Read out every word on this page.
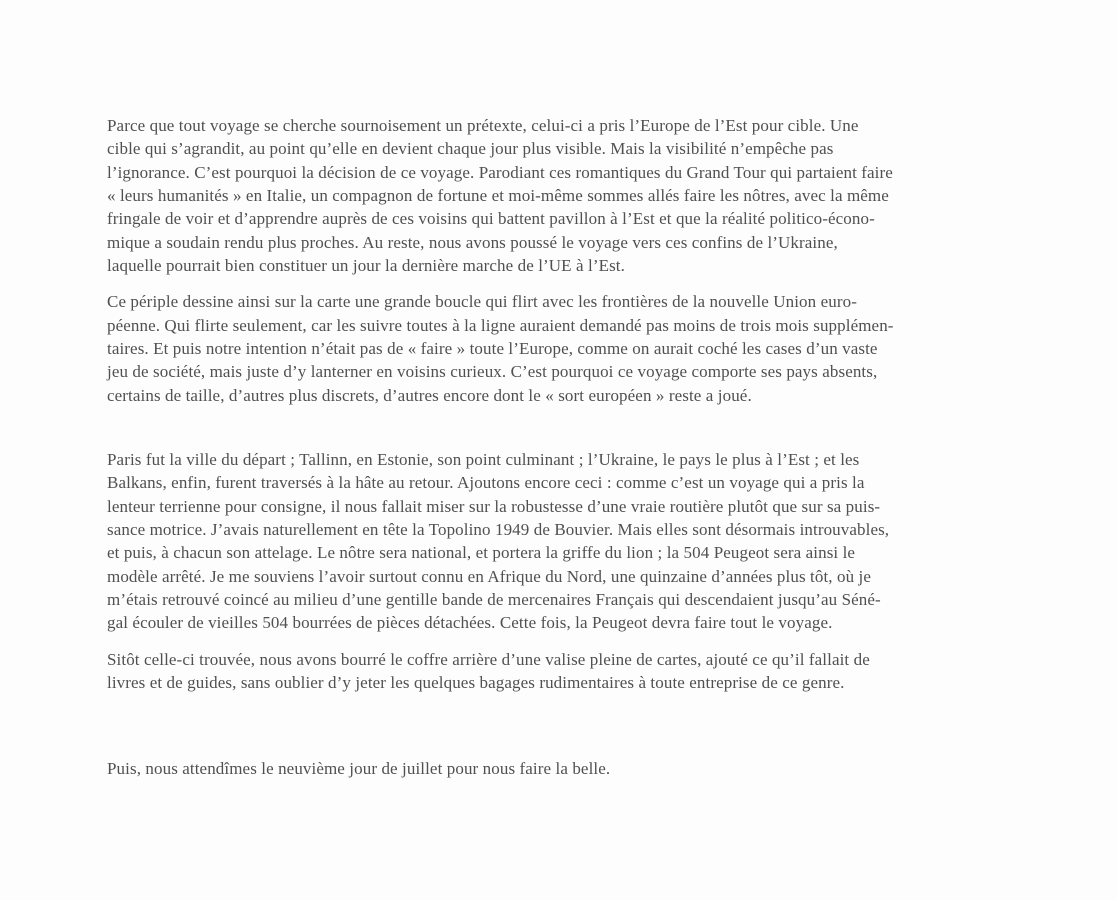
Parce que tout voyage se cherche sournoisement un prétexte, celui-ci a pris l’Europe de l’Est pour cible. Une
cible qui s’agrandit, au point qu’elle en devient chaque jour plus visible. Mais la visibilité n’empêche pas
l’ignorance. C’est pourquoi la décision de ce voyage. Parodiant ces romantiques du Grand Tour qui partaient faire
« leurs humanités » en Italie, un compagnon de fortune et moi-même sommes allés faire les nôtres, avec la même
fringale de voir et d’apprendre auprès de ces voisins qui battent pavillon à l’Est et que la réalité politico-écono-
mique a soudain rendu plus proches. Au reste, nous avons poussé le voyage vers ces confins de l’Ukraine,
laquelle pourrait bien constituer un jour la dernière marche de l’UE à l’Est.

Ce périple dessine ainsi sur la carte une grande boucle qui flirt avec les frontières de la nouvelle Union euro-
péenne. Qui flirte seulement, car les suivre toutes à la ligne auraient demandé pas moins de trois mois supplémen-
taires. Et puis notre intention n’était pas de « faire » toute l’Europe, comme on aurait coché les cases d’un vaste
jeu de société, mais juste d’y lanterner en voisins curieux. C’est pourquoi ce voyage comporte ses pays absents,
certains de taille, d’autres plus discrets, d’autres encore dont le « sort européen » reste a joué.

Paris fut la ville du départ ; Tallinn, en Estonie, son point culminant ; l’Ukraine, le pays le plus à l’Est ; et les
Balkans, enfin, furent traversés à la hâte au retour. Ajoutons encore ceci : comme c’est un voyage qui a pris la
lenteur terrienne pour consigne, il nous fallait miser sur la robustesse d’une vraie routière plutôt que sur sa puis-
sance motrice. J’avais naturellement en tête la Topolino 1949 de Bouvier. Mais elles sont désormais introuvables,
et puis, à chacun son attelage. Le nôtre sera national, et portera la griffe du lion ; la 504 Peugeot sera ainsi le
modèle arrêté. Je me souviens l’avoir surtout connu en Afrique du Nord, une quinzaine d’années plus tôt, où je
m’étais retrouvé coincé au milieu d’une gentille bande de mercenaires Français qui descendaient jusqu’au Séné-
gal écouler de vieilles 504 bourrées de pièces détachées. Cette fois, la Peugeot devra faire tout le voyage.

Sitôt celle-ci trouvée, nous avons bourré le coffre arrière d’une valise pleine de cartes, ajouté ce qu’il fallait de
livres et de guides, sans oublier d’y jeter les quelques bagages rudimentaires à toute entreprise de ce genre.

Puis, nous attendîmes le neuvième jour de juillet pour nous faire la belle.
